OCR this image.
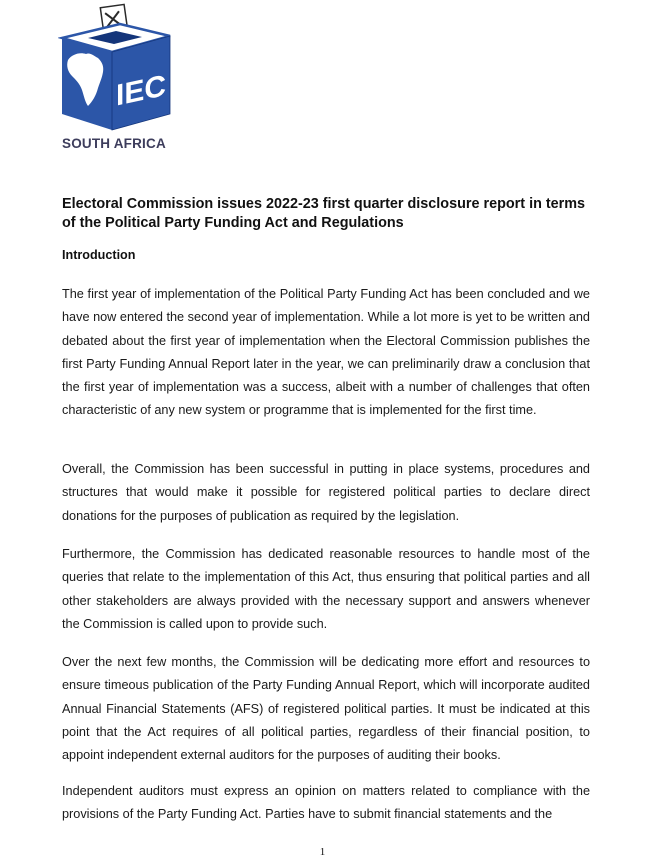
IEC
SOUTH AFRICA
Electoral Commission issues 2022-23 first quarter disclosure report in terms of the Political Party Funding Act and Regulations
Introduction
The first year of implementation of the Political Party Funding Act has been concluded and we have now entered the second year of implementation. While a lot more is yet to be written and debated about the first year of implementation when the Electoral Commission publishes the first Party Funding Annual Report later in the year, we can preliminarily draw a conclusion that the first year of implementation was a success, albeit with a number of challenges that often characteristic of any new system or programme that is implemented for the first time.
Overall, the Commission has been successful in putting in place systems, procedures and structures that would make it possible for registered political parties to declare direct donations for the purposes of publication as required by the legislation.
Furthermore, the Commission has dedicated reasonable resources to handle most of the queries that relate to the implementation of this Act, thus ensuring that political parties and all other stakeholders are always provided with the necessary support and answers whenever the Commission is called upon to provide such.
Over the next few months, the Commission will be dedicating more effort and resources to ensure timeous publication of the Party Funding Annual Report, which will incorporate audited Annual Financial Statements (AFS) of registered political parties. It must be indicated at this point that the Act requires of all political parties, regardless of their financial position, to appoint independent external auditors for the purposes of auditing their books.
Independent auditors must express an opinion on matters related to compliance with the provisions of the Party Funding Act. Parties have to submit financial statements and the
1
